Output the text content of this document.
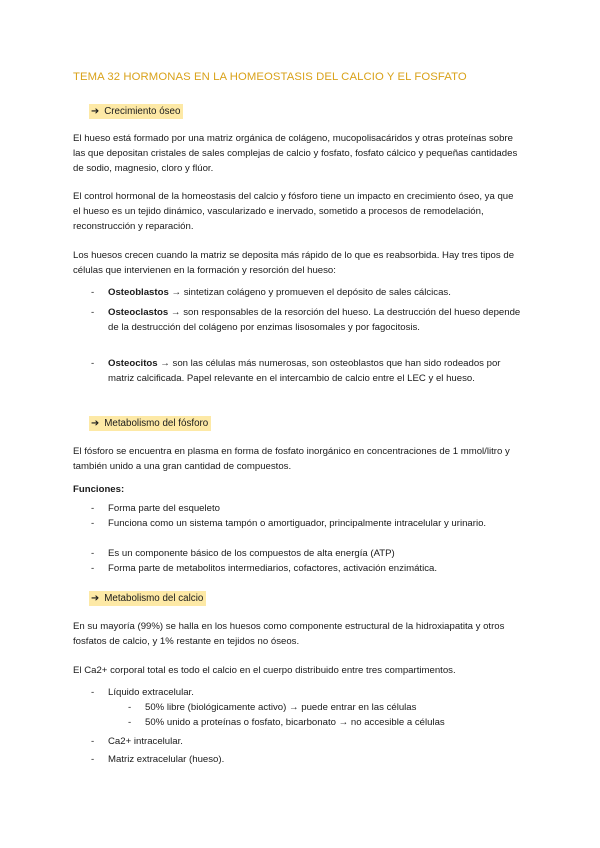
TEMA 32 HORMONAS EN LA HOMEOSTASIS DEL CALCIO Y EL FOSFATO
➔ Crecimiento óseo

El hueso está formado por una matriz orgánica de colágeno, mucopolisacáridos y otras proteínas sobre las que depositan cristales de sales complejas de calcio y fosfato, fosfato cálcico y pequeñas cantidades de sodio, magnesio, cloro y flúor.

El control hormonal de la homeostasis del calcio y fósforo tiene un impacto en crecimiento óseo, ya que el hueso es un tejido dinámico, vascularizado e inervado, sometido a procesos de remodelación, reconstrucción y reparación.

Los huesos crecen cuando la matriz se deposita más rápido de lo que es reabsorbida. Hay tres tipos de células que intervienen en la formación y resorción del hueso:

- Osteoblastos → sintetizan colágeno y promueven el depósito de sales cálcicas.

- Osteoclastos → son responsables de la resorción del hueso. La destrucción del hueso depende de la destrucción del colágeno por enzimas lisosomales y por fagocitosis.

- Osteocitos → son las células más numerosas, son osteoblastos que han sido rodeados por matriz calcificada. Papel relevante en el intercambio de calcio entre el LEC y el hueso.

➔ Metabolismo del fósforo

El fósforo se encuentra en plasma en forma de fosfato inorgánico en concentraciones de 1 mmol/litro y también unido a una gran cantidad de compuestos.

Funciones:

- Forma parte del esqueleto

- Funciona como un sistema tampón o amortiguador, principalmente intracelular y urinario.

- Es un componente básico de los compuestos de alta energía (ATP)

- Forma parte de metabolitos intermediarios, cofactores, activación enzimática.

➔ Metabolismo del calcio

En su mayoría (99%) se halla en los huesos como componente estructural de la hidroxiapatita y otros fosfatos de calcio, y 1% restante en tejidos no óseos.

El Ca2+ corporal total es todo el calcio en el cuerpo distribuido entre tres compartimentos.

- Líquido extracelular.

- 50% libre (biológicamente activo) → puede entrar en las células

- 50% unido a proteínas o fosfato, bicarbonato → no accesible a células

- Ca2+ intracelular.

- Matriz extracelular (hueso).
